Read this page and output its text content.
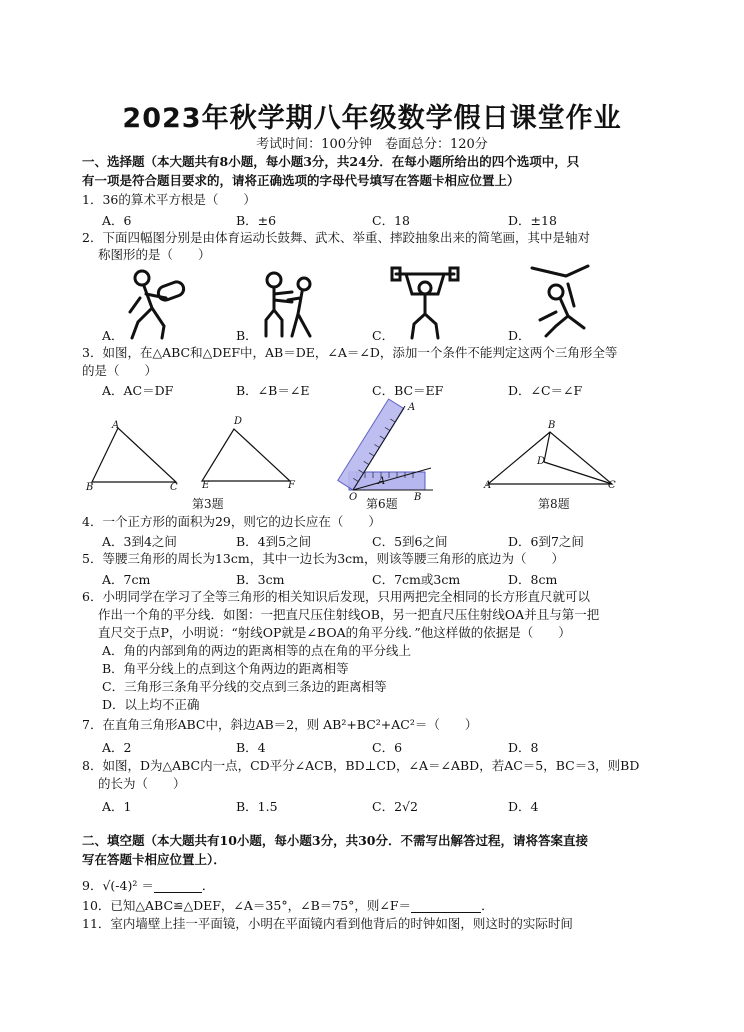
2023年秋学期八年级数学假日课堂作业
考试时间：100分钟　卷面总分：120分
一、选择题（本大题共有8小题，每小题3分，共24分．在每小题所给出的四个选项中，只
有一项是符合题目要求的，请将正确选项的字母代号填写在答题卡相应位置上）
1．36的算术平方根是（　　）
A．6	B．±6	C．18	D．±18
2．下面四幅图分别是由体育运动长鼓舞、武术、举重、摔跤抽象出来的简笔画，其中是轴对
称图形的是（　　）
A．	B．	C．	D．
3．如图，在△ABC和△DEF中，AB＝DE，∠A＝∠D，添加一个条件不能判定这两个三角形全等
的是（　　）
A．AC＝DF	B．∠B＝∠E	C．BC＝EF	D．∠C＝∠F
A
B	C
D
E	F
A
A
O	B
B
D
A	C
第3题	第6题	第8题
4．一个正方形的面积为29，则它的边长应在（　　）
A．3到4之间	B．4到5之间	C．5到6之间	D．6到7之间
5．等腰三角形的周长为13cm，其中一边长为3cm，则该等腰三角形的底边为（　　）
A．7cm	B．3cm	C．7cm或3cm	D．8cm
6．小明同学在学习了全等三角形的相关知识后发现，只用两把完全相同的长方形直尺就可以
作出一个角的平分线．如图：一把直尺压住射线OB，另一把直尺压住射线OA并且与第一把
直尺交于点P，小明说：“射线OP就是∠BOA的角平分线．”他这样做的依据是（　　）
A．角的内部到角的两边的距离相等的点在角的平分线上
B．角平分线上的点到这个角两边的距离相等
C．三角形三条角平分线的交点到三条边的距离相等
D．以上均不正确
7．在直角三角形ABC中，斜边AB＝2，则 AB²+BC²+AC²＝（　　）
A．2	B．4	C．6	D．8
8．如图，D为△ABC内一点，CD平分∠ACB，BD⊥CD，∠A＝∠ABD，若AC＝5，BC＝3，则BD
的长为（　　）
A．1	B．1.5	C．2√2	D．4
二、填空题（本大题共有10小题，每小题3分，共30分．不需写出解答过程，请将答案直接
写在答题卡相应位置上）．
9．√(-4)² ＝	．
10．已知△ABC≌△DEF，∠A＝35°，∠B＝75°，则∠F＝	．
11．室内墙壁上挂一平面镜，小明在平面镜内看到他背后的时钟如图，则这时的实际时间
